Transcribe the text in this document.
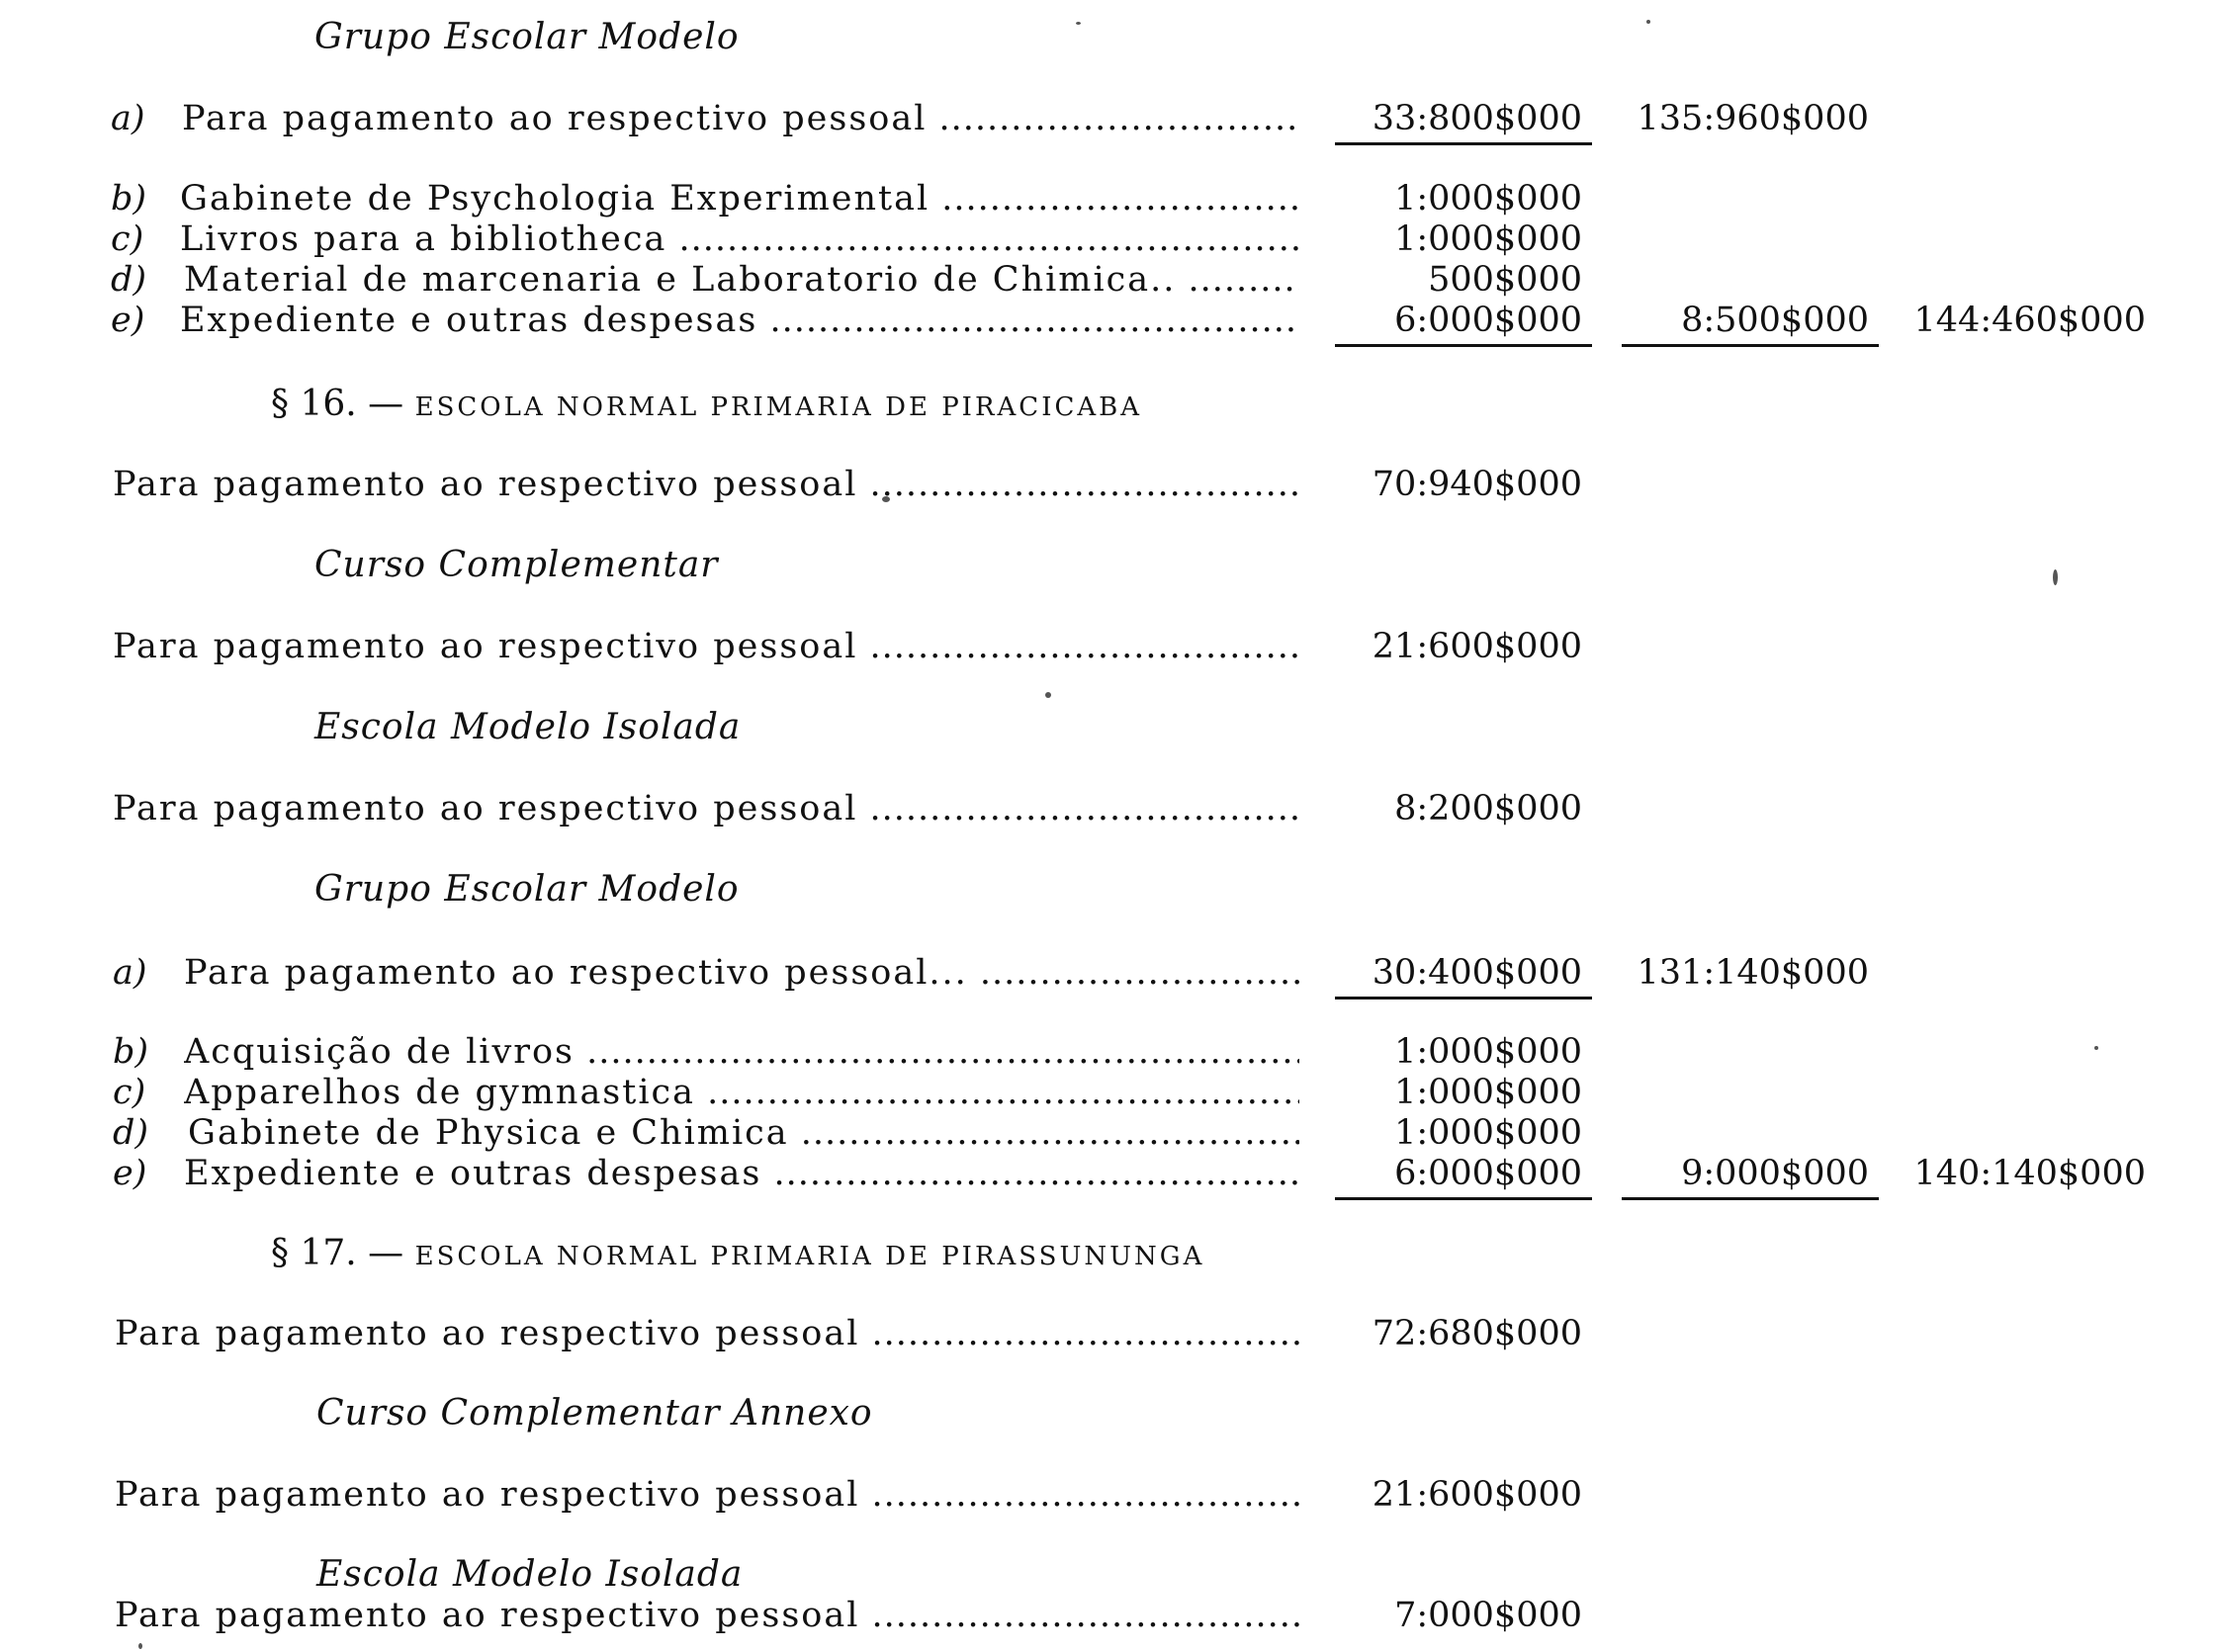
Grupo Escolar Modelo
a)	Para pagamento ao respectivo pessoal .....	33:800$000	135:960$000
b) Gabinete de Psychologia Experimental .....	1:000$000
c)	Livros para a bibliotheca .....	1:000$000
d)	Material de marcenaria e Laboratorio de Chimica.. .....	500$000
e)	Expediente e outras despesas .....	6:000$000	8:500$000	144:460$000
§ 16. — ESCOLA NORMAL PRIMARIA DE PIRACICABA
Para pagamento ao respectivo pessoal .....	70:940$000
Curso Complementar
Para pagamento ao respectivo pessoal .....	21:600$000
Escola Modelo Isolada
Para pagamento ao respectivo pessoal .....	8:200$000
Grupo Escolar Modelo
a)	Para pagamento ao respectivo pessoal... .....	30:400$000	131:140$000
b)	Acquisição de livros .....	1:000$000
c)	Apparelhos de gymnastica .....	1:000$000
d)	Gabinete de Physica e Chimica .....	1:000$000
e)	Expediente e outras despesas .....	6:000$000	9:000$000	140:140$000
§ 17. — ESCOLA NORMAL PRIMARIA DE PIRASSUNUNGA
Para pagamento ao respectivo pessoal .....	72:680$000
Curso Complementar Annexo
Para pagamento ao respectivo pessoal .....	21:600$000
Escola Modelo Isolada
Para pagamento ao respectivo pessoal .....	7:000$000
